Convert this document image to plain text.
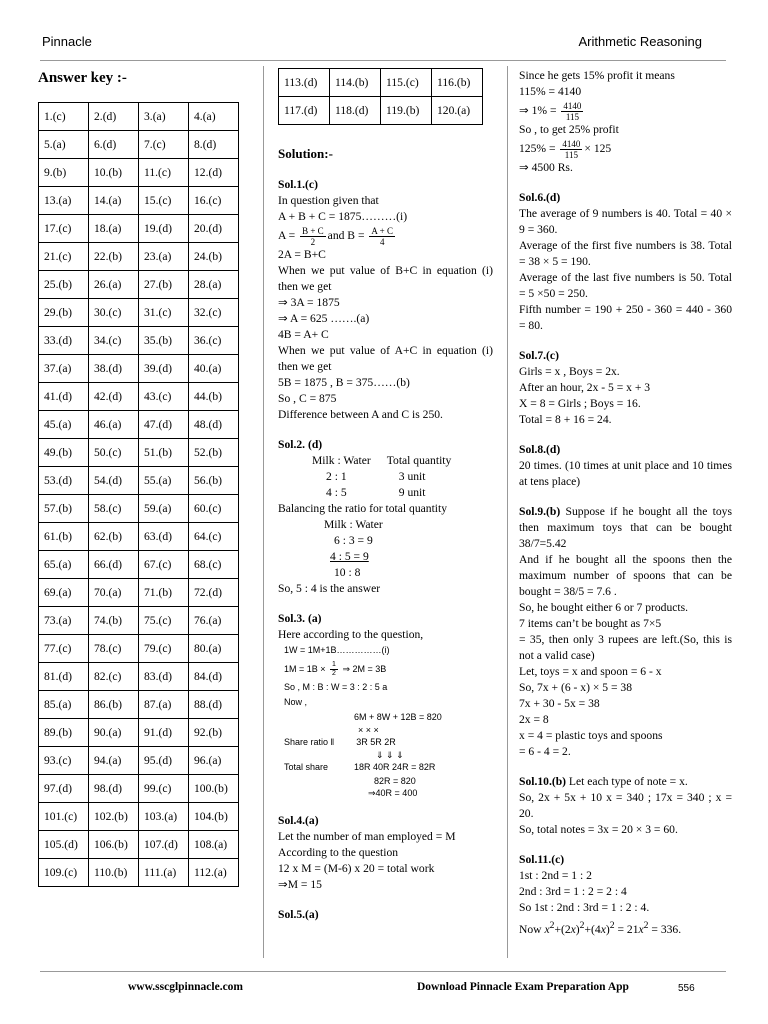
Pinnacle	Arithmetic Reasoning

Answer key :-

1.(c)	2.(d)	3.(a)	4.(a)
5.(a)	6.(d)	7.(c)	8.(d)
9.(b)	10.(b)	11.(c)	12.(d)
13.(a)	14.(a)	15.(c)	16.(c)
17.(c)	18.(a)	19.(d)	20.(d)
21.(c)	22.(b)	23.(a)	24.(b)
25.(b)	26.(a)	27.(b)	28.(a)
29.(b)	30.(c)	31.(c)	32.(c)
33.(d)	34.(c)	35.(b)	36.(c)
37.(a)	38.(d)	39.(d)	40.(a)
41.(d)	42.(d)	43.(c)	44.(b)
45.(a)	46.(a)	47.(d)	48.(d)
49.(b)	50.(c)	51.(b)	52.(b)
53.(d)	54.(d)	55.(a)	56.(b)
57.(b)	58.(c)	59.(a)	60.(c)
61.(b)	62.(b)	63.(d)	64.(c)
65.(a)	66.(d)	67.(c)	68.(c)
69.(a)	70.(a)	71.(b)	72.(d)
73.(a)	74.(b)	75.(c)	76.(a)
77.(c)	78.(c)	79.(c)	80.(a)
81.(d)	82.(c)	83.(d)	84.(d)
85.(a)	86.(b)	87.(a)	88.(d)
89.(b)	90.(a)	91.(d)	92.(b)
93.(c)	94.(a)	95.(d)	96.(a)
97.(d)	98.(d)	99.(c)	100.(b)
101.(c)	102.(b)	103.(a)	104.(b)
105.(d)	106.(b)	107.(d)	108.(a)
109.(c)	110.(b)	111.(a)	112.(a)
113.(d)	114.(b)	115.(c)	116.(b)
117.(d)	118.(d)	119.(b)	120.(a)

Solution:-

Sol.1.(c)

In question given that

A + B + C = 1875………(i)

$A = \frac{B + C}{2}$ and $B = \frac{A + C}{4}$

2A = B+C

When we put value of B+C in equation (i) then we get

⇒ 3A = 1875

⇒ A = 625 …….(a)

4B = A+ C

When we put value of A+C in equation (i) then we get

5B = 1875 , B = 375……(b)

So , C = 875

Difference between A and C is 250.

Sol.2. (d)

Milk : Water	Total quantity
2 : 1	3 unit
4 : 5	9 unit

Balancing the ratio for total quantity

Milk : Water

6 : 3 = 9

4 : 5 = 9

10 : 8

So, 5 : 4 is the answer

Sol.3. (a)

Here according to the question,

1W = 1M+1B……………(i)

$1M = 1B \times \frac{1}{2}$ ⇒ 2M = 3B

So , M : B : W = 3 : 2 : 5 a

Now ,

6M + 8W + 12B = 820

× × ×

Share ratio ‖ 3R 5R 2R

⇓ ⇓ ⇓

Total share	18R 40R 24R = 82R

82R = 820

⇒40R = 400

Sol.4.(a)

Let the number of man employed = M

According to the question

12 x M = (M-6) x 20 = total work

⇒M = 15

Sol.5.(a)

Since he gets 15% profit it means

115% = 4140

⇒ $1\% = \frac{4140}{115}$

So , to get 25% profit

$125\% = \frac{4140}{115} \times 125$

⇒ 4500 Rs.

Sol.6.(d)

The average of 9 numbers is 40. Total = 40 × 9 = 360.

Average of the first five numbers is 38. Total = 38 × 5 = 190.

Average of the last five numbers is 50. Total = 5 ×50 = 250.

Fifth number = 190 + 250 - 360 = 440 - 360 = 80.

Sol.7.(c)

Girls = x , Boys = 2x.

After an hour, 2x - 5 = x + 3

X = 8 = Girls ; Boys = 16.

Total = 8 + 16 = 24.

Sol.8.(d)

20 times. (10 times at unit place and 10 times at tens place)

Sol.9.(b) Suppose if he bought all the toys then maximum toys that can be bought 38/7=5.42

And if he bought all the spoons then the maximum number of spoons that can be bought = 38/5 = 7.6 .

So, he bought either 6 or 7 products.

7 items can’t be bought as 7×5

= 35, then only 3 rupees are left.(So, this is not a valid case)

Let, toys = x and spoon = 6 - x

So, 7x + (6 - x) × 5 = 38

7x + 30 - 5x = 38

2x = 8

x = 4 = plastic toys and spoons

= 6 - 4 = 2.

Sol.10.(b) Let each type of note = x.

So, 2x + 5x + 10 x = 340 ; 17x = 340 ; x = 20.

So, total notes = 3x = 20 × 3 = 60.

Sol.11.(c)

1st : 2nd = 1 : 2

2nd : 3rd = 1 : 2 = 2 : 4

So 1st : 2nd : 3rd = 1 : 2 : 4.

Now $x^2+(2x)^2+(4x)^2 = 21x^2 = 336$.

www.sscglpinnacle.com	Download Pinnacle Exam Preparation App	556
